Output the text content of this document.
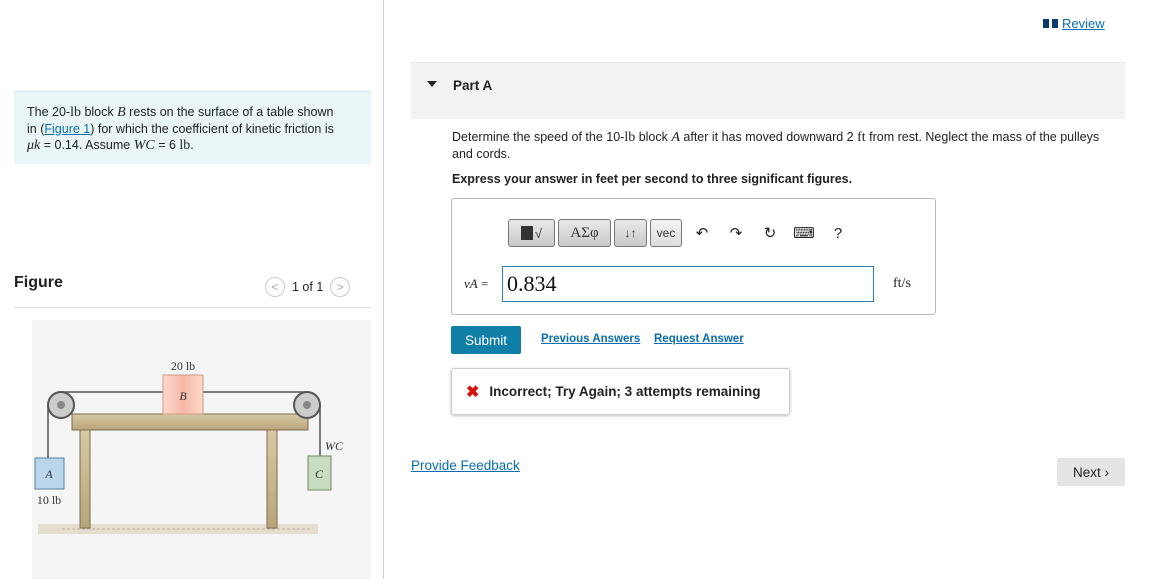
The 20-lb block B rests on the surface of a table shown
in (Figure 1) for which the coefficient of kinetic friction is
μk = 0.14. Assume WC = 6 lb.
Figure	<	1 of 1	>
B
20 lb
A
10 lb
C
WC
Review
Part A
Determine the speed of the 10-lb block A after it has moved downward 2 ft from rest. Neglect the mass of the pulleys and cords.
Express your answer in feet per second to three significant figures.
√	ΑΣφ	↓↑	vec	↶	↷	↻	⌨	?
vA = 0.834	ft/s
Submit	Previous Answers Request Answer
✖ Incorrect; Try Again; 3 attempts remaining
Provide Feedback	Next
›
